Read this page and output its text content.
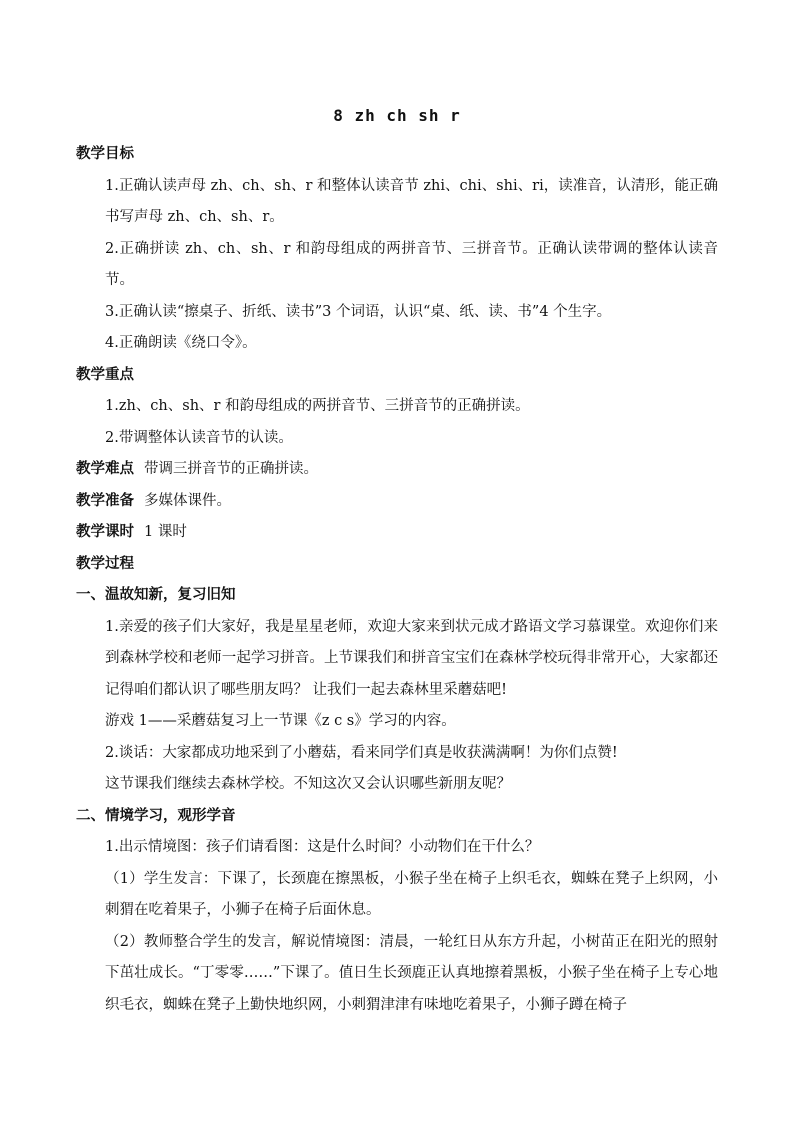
8 zh ch sh r
教学目标
1.正确认读声母 zh、ch、sh、r 和整体认读音节 zhi、chi、shi、ri，读准音，认清形，能正确书写声母 zh、ch、sh、r。
2.正确拼读 zh、ch、sh、r 和韵母组成的两拼音节、三拼音节。正确认读带调的整体认读音节。
3.正确认读“擦桌子、折纸、读书”3 个词语，认识“桌、纸、读、书”4 个生字。
4.正确朗读《绕口令》。
教学重点
1.zh、ch、sh、r 和韵母组成的两拼音节、三拼音节的正确拼读。
2.带调整体认读音节的认读。
教学难点 带调三拼音节的正确拼读。
教学准备 多媒体课件。
教学课时 1 课时
教学过程
一、温故知新，复习旧知
1.亲爱的孩子们大家好，我是星星老师，欢迎大家来到状元成才路语文学习慕课堂。欢迎你们来到森林学校和老师一起学习拼音。上节课我们和拼音宝宝们在森林学校玩得非常开心，大家都还记得咱们都认识了哪些朋友吗？ 让我们一起去森林里采蘑菇吧!
游戏 1——采蘑菇复习上一节课《z c s》学习的内容。
2.谈话：大家都成功地采到了小蘑菇，看来同学们真是收获满满啊！为你们点赞!
这节课我们继续去森林学校。不知这次又会认识哪些新朋友呢？
二、情境学习，观形学音
1.出示情境图：孩子们请看图：这是什么时间？小动物们在干什么？
（1）学生发言：下课了，长颈鹿在擦黑板，小猴子坐在椅子上织毛衣，蜘蛛在凳子上织网，小刺猬在吃着果子，小狮子在椅子后面休息。
（2）教师整合学生的发言，解说情境图：清晨，一轮红日从东方升起，小树苗正在阳光的照射下茁壮成长。“丁零零……”下课了。值日生长颈鹿正认真地擦着黑板，小猴子坐在椅子上专心地织毛衣，蜘蛛在凳子上勤快地织网，小刺猬津津有味地吃着果子，小狮子蹲在椅子
